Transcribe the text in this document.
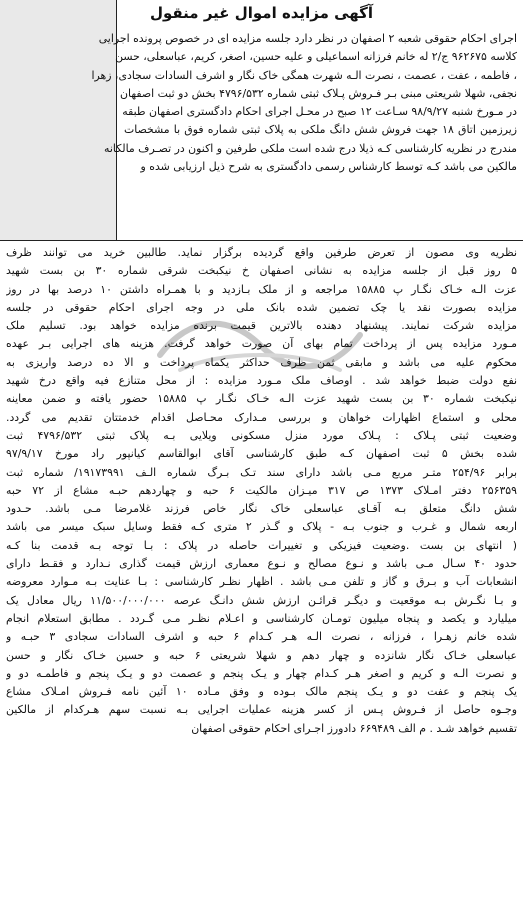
آگهی مزایده اموال غیر منقول
اجرای احکام حقوقی شعبه ۲ اصفهان در نظر دارد جلسه مزایده ای در خصوص پرونده اجرایی
کلاسه ۹۶۲۶۷۵ ج/۲ له خانم فرزانه اسماعیلی و علیه حسین، اصغر، کریم، عباسعلی، حسن
، فاطمه ، عفت ، عصمت ، نصرت الـه شهرت همگی خاک نگار و اشرف السادات سجادی، زهرا
نجفی، شهلا شریعتی مبنی بـر فـروش پـلاک ثبتی شماره ۴۷۹۶/۵۳۲ بخش دو ثبت اصفهان
در مـورخ شنبه ۹۸/۹/۲۷ سـاعت ۱۲ صبح در محـل اجرای احکام دادگستری اصفهان طبقه
زیرزمین اتاق ۱۸ جهت فروش شش دانگ ملکی به پلاک ثبتی شماره فوق با مشخصات
مندرج در نظریه کارشناسی کـه ذیلا درج شده است ملکی طرفین و اکنون در تصـرف مالکانه
مالکین می باشد کـه توسط کارشناس رسمی دادگستری به شرح ذیل ارزیابی شده و
نظریه وی مصون از تعرض طرفین واقع گردیده برگزار نماید. طالبین خرید می توانند ظرف
۵ روز قبل از جلسه مزایده به نشانی اصفهان خ نیکبخت شرقی شماره ۳۰ بن بست شهید
عزت الـه خـاک نگـار پ ۱۵۸۸۵ مراجعه و از ملک بـازدید و با همـراه داشتن ۱۰ درصد بها در روز
مزایده بصورت نقد یا چک تضمین شده بانک ملی در وجه اجرای احکام حقوقی در جلسه
مزایده شرکت نمایند. پیشنهاد دهنده بالاترین قیمت برنده مزایده خواهد بود. تسلیم ملک
مـورد مزایده پس از پرداخت تمام بهای آن صورت خواهد گرفت. هزینه های اجرایی بـر عهده
محکوم علیه می باشد و مابقی ثمن ظرف حداکثر یکماه پرداخت و الا ده درصد واریزی به
نفع دولت ضبط خواهد شد . اوصاف ملک مـورد مزایده : از محل متنازع فیه واقع درخ شهید
نیکبخت شماره ۳۰ بن بست شهید عزت الـه خـاک نگـار پ ۱۵۸۸۵ حضور یافته و ضمن معاینه
محلی و استماع اظهارات خواهان و بررسی مـدارک محـاصل اقدام خدمتتان تقدیم می گردد.
وضعیت ثبتی پـلاک : پـلاک مورد منزل مسکونی ویلایی بـه پلاک ثبتی ۴۷۹۶/۵۳۲ ثبت
شده بخش ۵ ثبت اصفهان کـه طبق کارشناسی آقای ابوالقاسم کیانپور راد مورخ ۹۷/۹/۱۷
برابر ۲۵۴/۹۶ متـر مربع مـی باشد دارای سند تـک بـرگ شماره الـف ۱۹۱۷۳۹۹۱/ شماره ثبت
۲۵۶۳۵۹ دفتر امـلاک ۱۳۷۳ ص ۳۱۷ میـزان مالکیت ۶ حبه و چهاردهم حبـه مشاع از ۷۲ حبه
شش دانگ متعلق بـه آقـای عباسعلی خاک نگار خاص فرزند غلامرضا مـی باشد. حـدود
اربعه شمال و غـرب و جنوب بـه - پلاک و گـذر ۲ متری کـه فقط وسایل سبک میسر می باشد
( انتهای بن بست .وضعیت فیزیکی و تغییرات حاصله در پلاک : بـا توجه بـه قدمت بنا کـه
حدود ۴۰ سـال مـی باشد و نـوع مصالح و نـوع معماری ارزش قیمت گذاری نـدارد و فقـط دارای
انشعابات آب و بـرق و گاز و تلفن مـی باشد . اظهار نظـر کارشناسی : بـا عنایت بـه مـوارد معروضه
و بـا نگـرش بـه موقعیت و دیگـر قرائـن ارزش شش دانـگ عرصه ۱۱/۵۰۰/۰۰۰/۰۰۰ ریال معادل یک
میلیارد و یکصد و پنجاه میلیون تومـان کارشناسی و اعـلام نظـر مـی گـردد . مطابق استعلام انجام
شده خانم زهـرا ، فرزانه ، نصرت الـه هـر کـدام ۶ حبه و اشرف السادات سجادی ۳ حبـه و
عباسعلی خـاک نگار شانزده و چهار دهم و شهلا شریعتی ۶ حبه و حسین خـاک نگار و حسن
و نصرت الـه و کریم و اصغر هـر کـدام چهار و یـک پنجم و عصمت دو و یـک پنجم و فاطمـه دو و
یک پنجم و عفت دو و یـک پنجم مالک بـوده و وفق مـاده ۱۰ آئین نامه فـروش امـلاک مشاع
وجـوه حاصل از فـروش پـس از کسر هزینه عملیات اجرایی بـه نسبت سهم هـرکدام از مالکین
تقسیم خواهد شـد . م الف ۶۶۹۴۸۹ دادورز اجـرای احکام حقوقی اصفهان
